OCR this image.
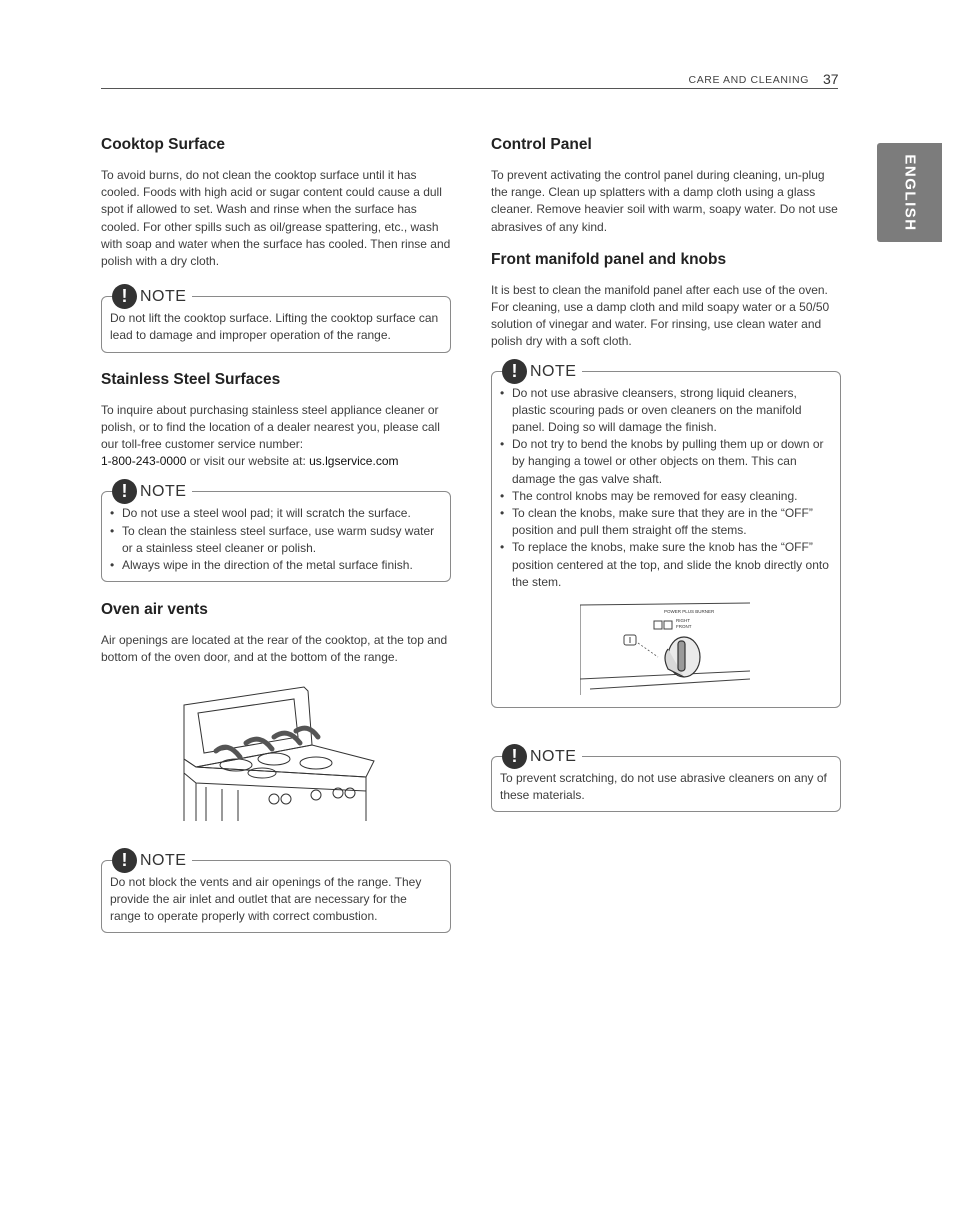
CARE AND CLEANING 37
ENGLISH
Cooktop Surface

To avoid burns, do not clean the cooktop surface until it has cooled. Foods with high acid or sugar content could cause a dull spot if allowed to set. Wash and rinse when the surface has cooled. For other spills such as oil/grease spattering, etc., wash with soap and water when the surface has cooled. Then rinse and polish with a dry cloth.

! NOTE
Do not lift the cooktop surface. Lifting the cooktop surface can lead to damage and improper operation of the range.
Stainless Steel Surfaces

To inquire about purchasing stainless steel appliance cleaner or polish, or to find the location of a dealer nearest you, please call our toll-free customer service number:
1-800-243-0000 or visit our website at: us.lgservice.com

! NOTE
• Do not use a steel wool pad; it will scratch the surface.
• To clean the stainless steel surface, use warm sudsy water or a stainless steel cleaner or polish.
• Always wipe in the direction of the metal surface finish.
Oven air vents

Air openings are located at the rear of the cooktop, at the top and bottom of the oven door, and at the bottom of the range.

! NOTE
Do not block the vents and air openings of the range. They provide the air inlet and outlet that are necessary for the range to operate properly with correct combustion.
Control Panel

To prevent activating the control panel during cleaning, un-plug the range. Clean up splatters with a damp cloth using a glass cleaner. Remove heavier soil with warm, soapy water. Do not use abrasives of any kind.

Front manifold panel and knobs

It is best to clean the manifold panel after each use of the oven. For cleaning, use a damp cloth and mild soapy water or a 50/50 solution of vinegar and water. For rinsing, use clean water and polish dry with a soft cloth.

! NOTE
• Do not use abrasive cleansers, strong liquid cleaners, plastic scouring pads or oven cleaners on the manifold panel. Doing so will damage the finish.
• Do not try to bend the knobs by pulling them up or down or by hanging a towel or other objects on them. This can damage the gas valve shaft.
• The control knobs may be removed for easy cleaning.
• To clean the knobs, make sure that they are in the “OFF” position and pull them straight off the stems.
• To replace the knobs, make sure the knob has the “OFF” position centered at the top, and slide the knob directly onto the stem.
POWER PLUS BURNER
RIGHT
FRONT
! NOTE
To prevent scratching, do not use abrasive cleaners on any of these materials.
